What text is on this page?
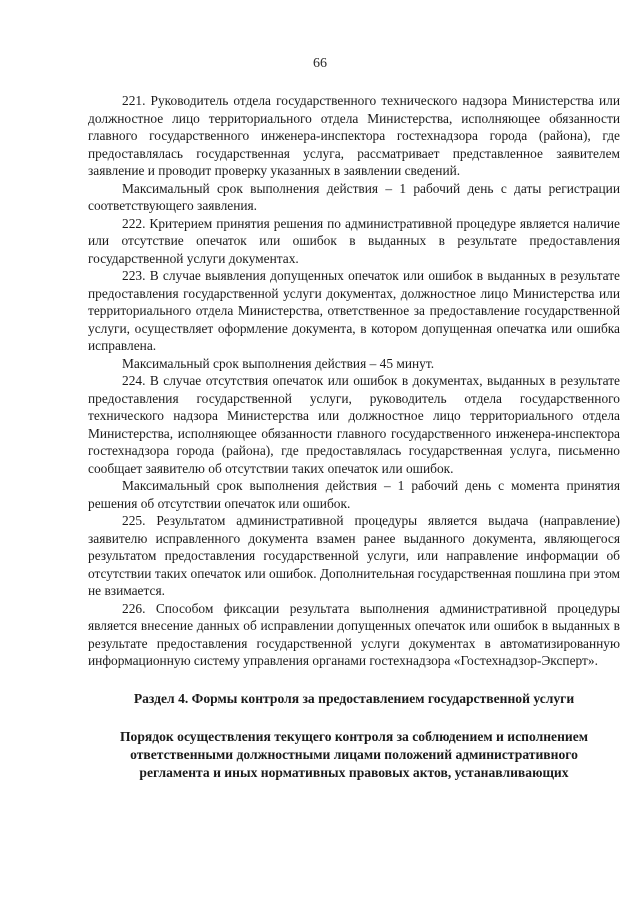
66

221. Руководитель отдела государственного технического надзора Министерства или должностное лицо территориального отдела Министерства, исполняющее обязанности главного государственного инженера-инспектора гостехнадзора города (района), где предоставлялась государственная услуга, рассматривает представленное заявителем заявление и проводит проверку указанных в заявлении сведений.

Максимальный срок выполнения действия – 1 рабочий день с даты регистрации соответствующего заявления.

222. Критерием принятия решения по административной процедуре является наличие или отсутствие опечаток или ошибок в выданных в результате предоставления государственной услуги документах.

223. В случае выявления допущенных опечаток или ошибок в выданных в результате предоставления государственной услуги документах, должностное лицо Министерства или территориального отдела Министерства, ответственное за предоставление государственной услуги, осуществляет оформление документа, в котором допущенная опечатка или ошибка исправлена.

Максимальный срок выполнения действия – 45 минут.

224. В случае отсутствия опечаток или ошибок в документах, выданных в результате предоставления государственной услуги, руководитель отдела государственного технического надзора Министерства или должностное лицо территориального отдела Министерства, исполняющее обязанности главного государственного инженера-инспектора гостехнадзора города (района), где предоставлялась государственная услуга, письменно сообщает заявителю об отсутствии таких опечаток или ошибок.

Максимальный срок выполнения действия – 1 рабочий день с момента принятия решения об отсутствии опечаток или ошибок.

225. Результатом административной процедуры является выдача (направление) заявителю исправленного документа взамен ранее выданного документа, являющегося результатом предоставления государственной услуги, или направление информации об отсутствии таких опечаток или ошибок. Дополнительная государственная пошлина при этом не взимается.

226. Способом фиксации результата выполнения административной процедуры является внесение данных об исправлении допущенных опечаток или ошибок в выданных в результате предоставления государственной услуги документах в автоматизированную информационную систему управления органами гостехнадзора «Гостехнадзор-Эксперт».

Раздел 4. Формы контроля за предоставлением государственной услуги

Порядок осуществления текущего контроля за соблюдением и исполнением ответственными должностными лицами положений административного регламента и иных нормативных правовых актов, устанавливающих
